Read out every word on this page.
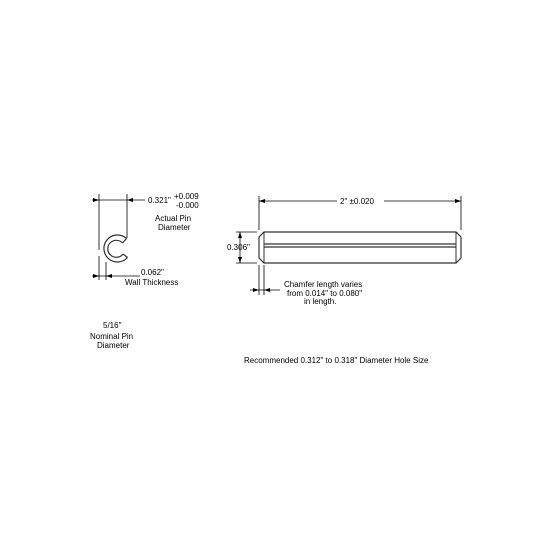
0.321" +0.009
-0.000
Actual Pin
Diameter
0.062"
Wall Thickness
2" ±0.020
0.306"
Chamfer length varies
from 0.014" to 0.080"
in length.
5/16"
Nominal Pin
Diameter
Recommended 0.312" to 0.318" Diameter Hole Size
